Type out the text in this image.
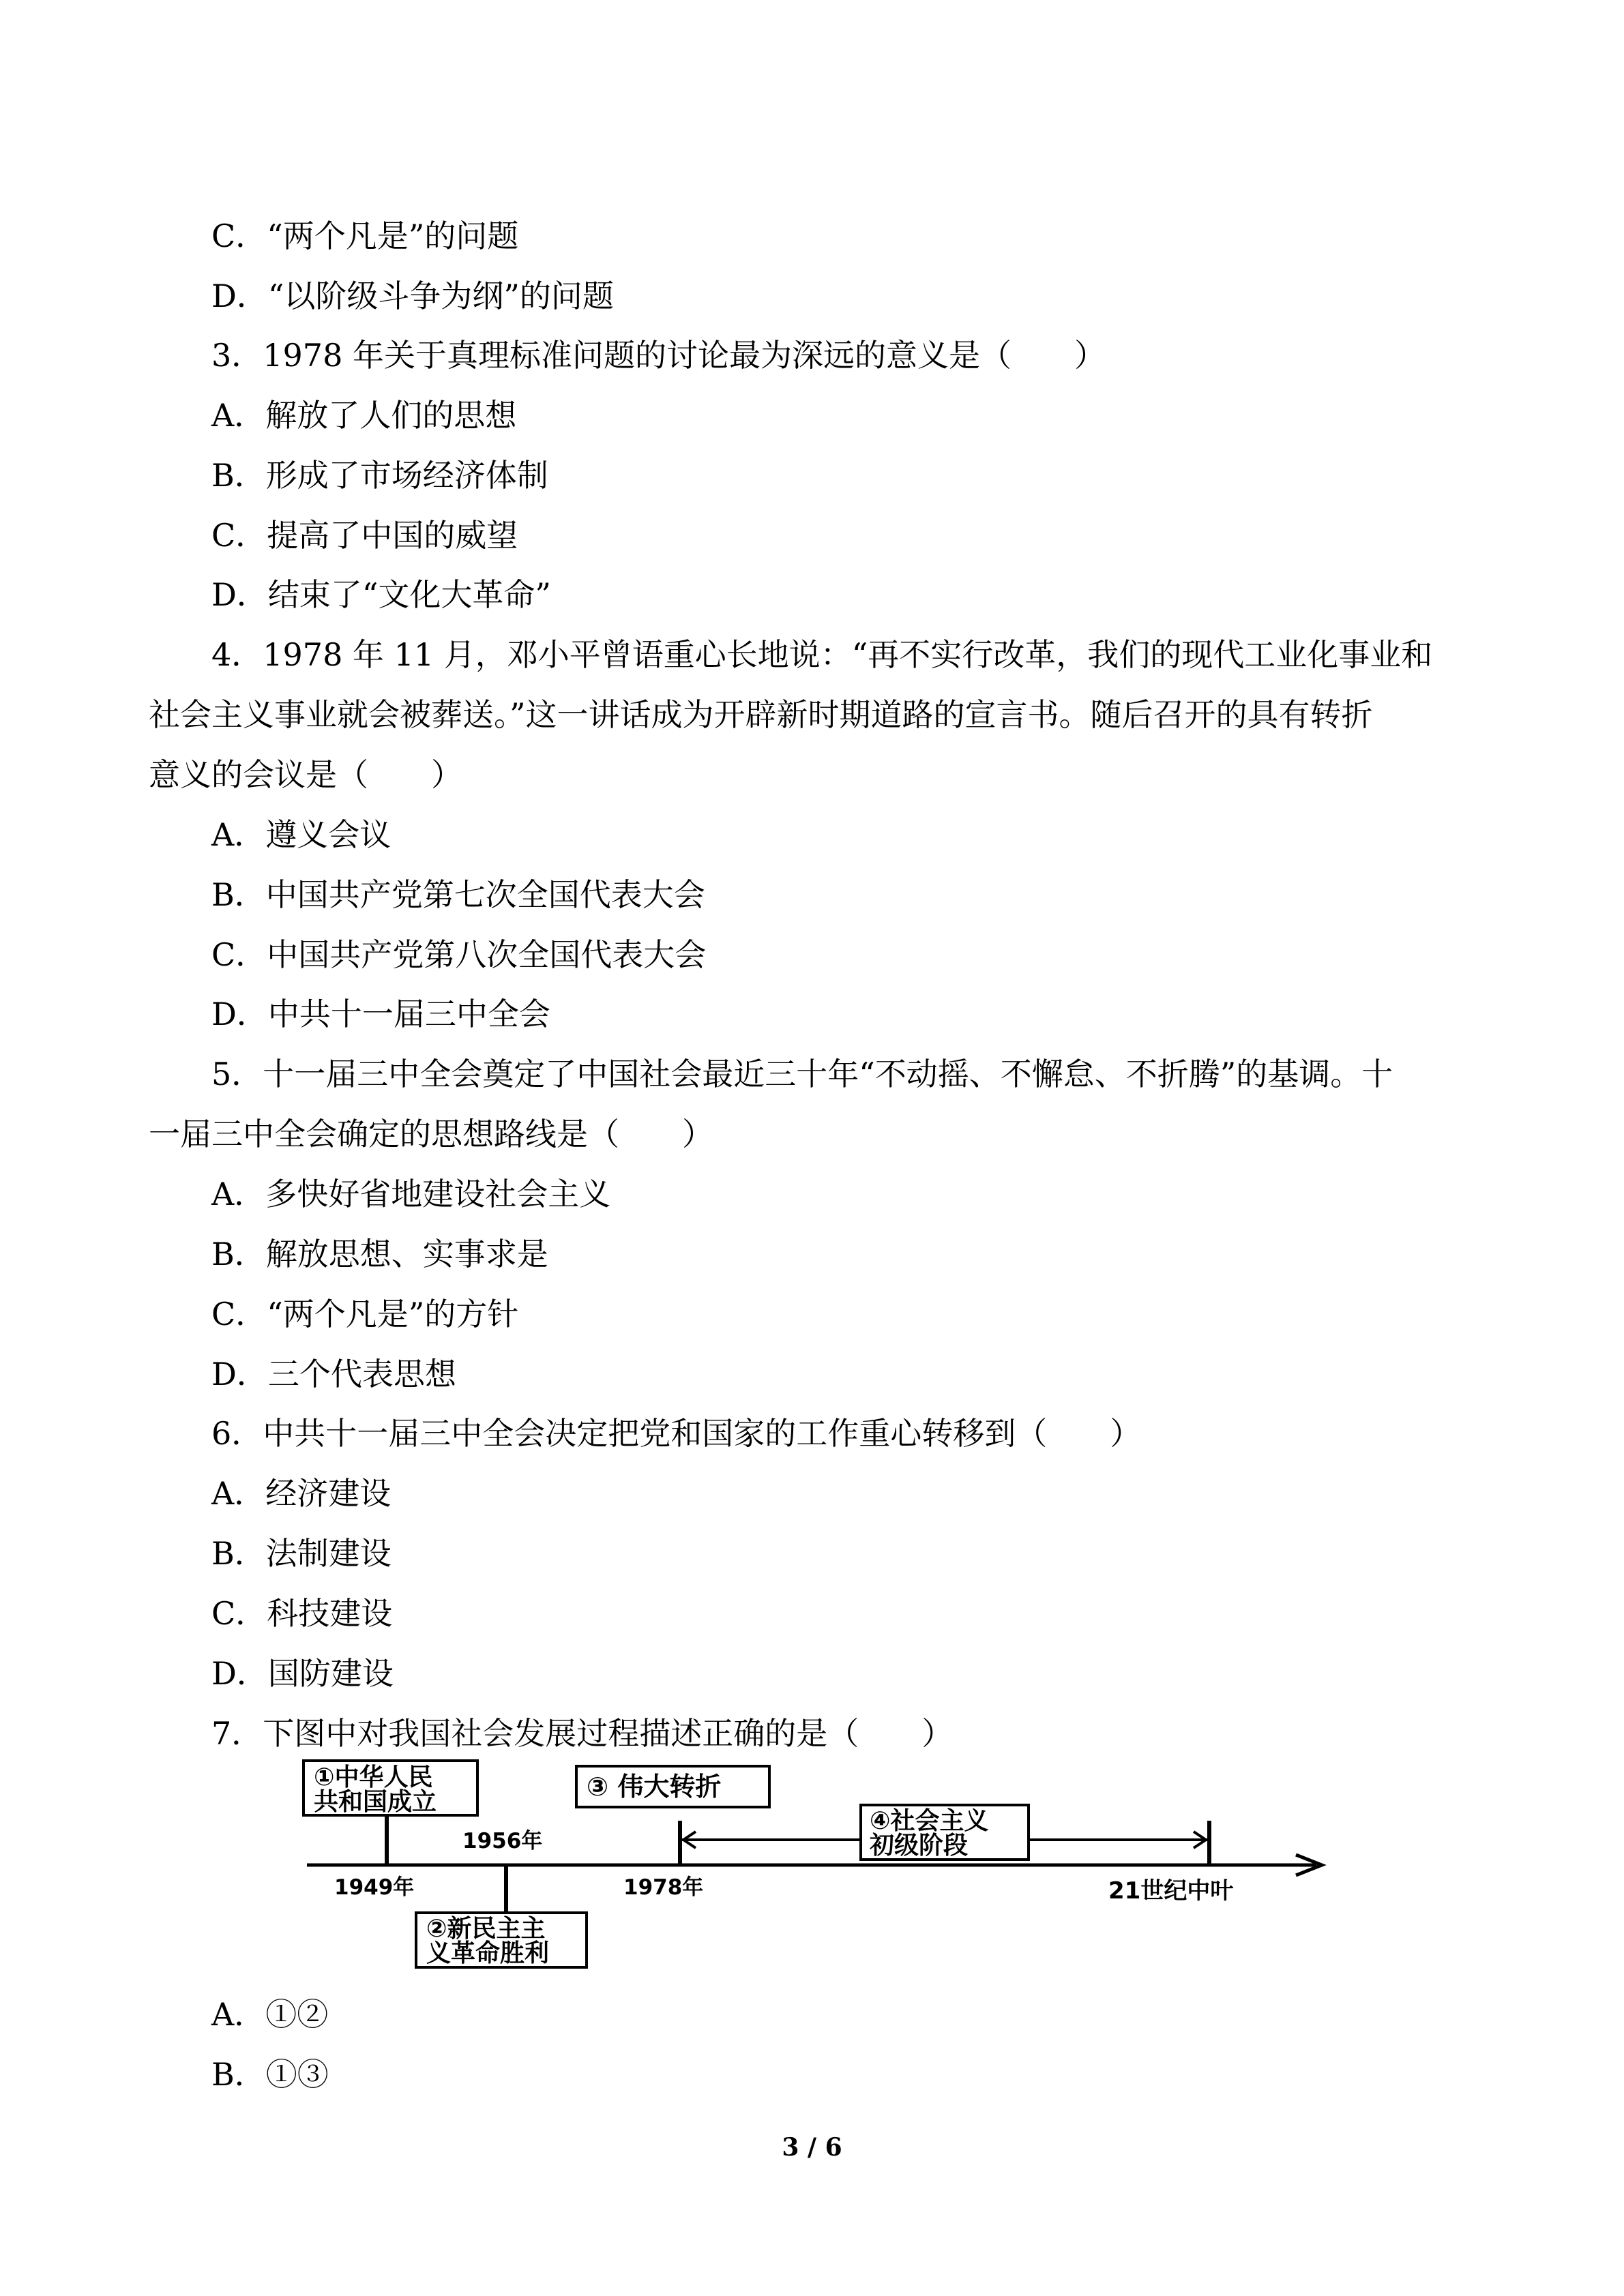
C．“两个凡是”的问题
D．“以阶级斗争为纲”的问题
3．1978 年关于真理标准问题的讨论最为深远的意义是（　　）
A．解放了人们的思想
B．形成了市场经济体制
C．提高了中国的威望
D．结束了“文化大革命”
4．1978 年 11 月，邓小平曾语重心长地说：“再不实行改革，我们的现代工业化事业和
社会主义事业就会被葬送。”这一讲话成为开辟新时期道路的宣言书。随后召开的具有转折
意义的会议是（　　）
A．遵义会议
B．中国共产党第七次全国代表大会
C．中国共产党第八次全国代表大会
D．中共十一届三中全会
5．十一届三中全会奠定了中国社会最近三十年“不动摇、不懈怠、不折腾”的基调。十
一届三中全会确定的思想路线是（　　）
A．多快好省地建设社会主义
B．解放思想、实事求是
C．“两个凡是”的方针
D．三个代表思想
6．中共十一届三中全会决定把党和国家的工作重心转移到（　　）
A．经济建设
B．法制建设
C．科技建设
D．国防建设
7．下图中对我国社会发展过程描述正确的是（　　）
①中华人民
共和国成立
1949年
1956年
②新民主主
义革命胜利
③ 伟大转折
1978年
④社会主义
初级阶段
21世纪中叶
A．①②
B．①③
3 / 6
